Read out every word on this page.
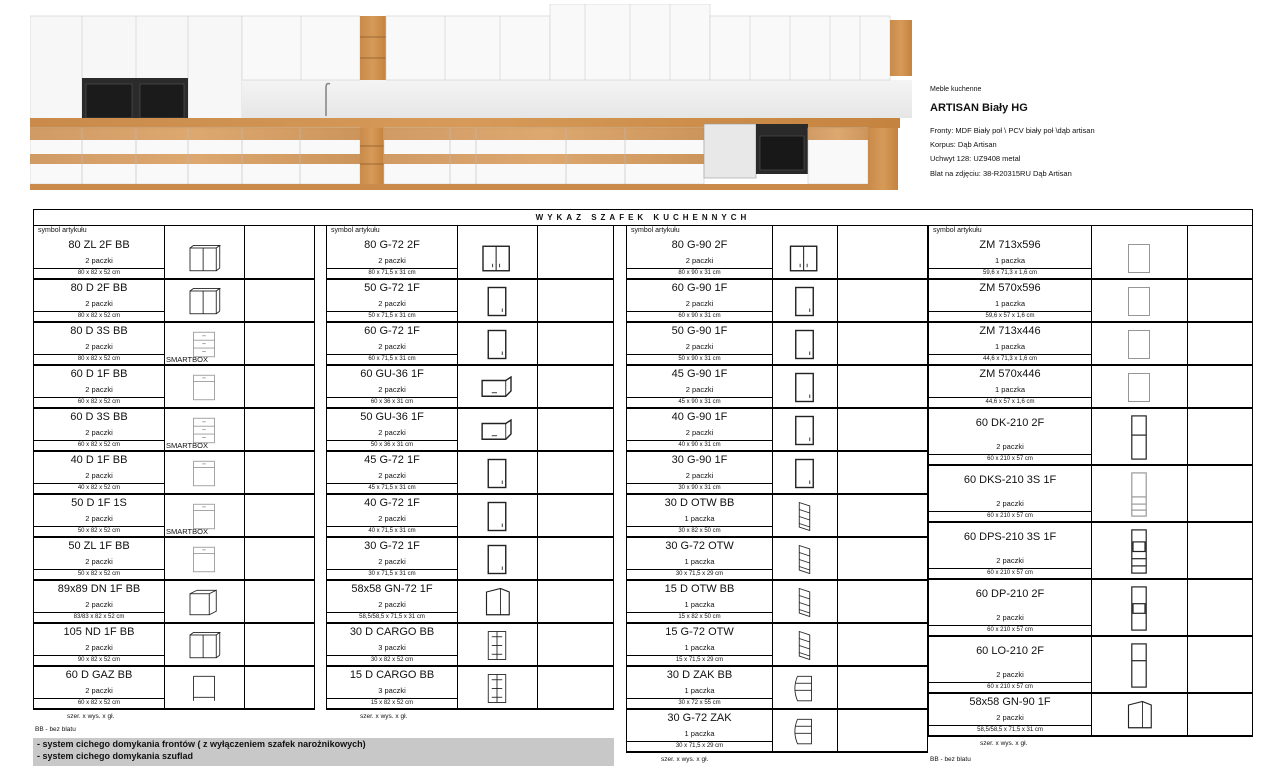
Meble kuchenne
ARTISAN Biały HG
Fronty: MDF Biały poł \ PCV biały poł \dąb artisan
Korpus: Dąb Artisan
Uchwyt 128: UZ9408 metal
Blat na zdjęciu: 38-R20315RU Dąb Artisan
WYKAZ SZAFEK KUCHENNYCH
symbol artykułu
80 ZL 2F BB
2 paczki
80 x 82 x 52 cm
80 D 2F BB
2 paczki
80 x 82 x 52 cm
80 D 3S BB
2 paczki
80 x 82 x 52 cm	SMARTBOX
60 D 1F BB
2 paczki
60 x 82 x 52 cm
60 D 3S BB
2 paczki
60 x 82 x 52 cm	SMARTBOX
40 D 1F BB
2 paczki
40 x 82 x 52 cm
50 D 1F 1S
2 paczki
50 x 82 x 52 cm	SMARTBOX
50 ZL 1F BB
2 paczki
50 x 82 x 52 cm
89x89 DN 1F BB
2 paczki
83/83 x 82 x 52 cm
105 ND 1F BB
2 paczki
90 x 82 x 52 cm
60 D GAZ BB
2 paczki
60 x 82 x 52 cm
szer. x wys. x gł.
symbol artykułu
80 G-72 2F
2 paczki
80 x 71,5 x 31 cm
50 G-72 1F
2 paczki
50 x 71,5 x 31 cm
60 G-72 1F
2 paczki
60 x 71,5 x 31 cm
60 GU-36 1F
2 paczki
60 x 36 x 31 cm
50 GU-36 1F
2 paczki
50 x 36 x 31 cm
45 G-72 1F
2 paczki
45 x 71,5 x 31 cm
40 G-72 1F
2 paczki
40 x 71,5 x 31 cm
30 G-72 1F
2 paczki
30 x 71,5 x 31 cm
58x58 GN-72 1F
2 paczki
58,5/58,5 x 71,5 x 31 cm
30 D CARGO BB
3 paczki
30 x 82 x 52 cm
15 D CARGO BB
3 paczki
15 x 82 x 52 cm
szer. x wys. x gł.
symbol artykułu
80 G-90 2F
2 paczki
80 x 90 x 31 cm
60 G-90 1F
2 paczki
60 x 90 x 31 cm
50 G-90 1F
2 paczki
50 x 90 x 31 cm
45 G-90 1F
2 paczki
45 x 90 x 31 cm
40 G-90 1F
2 paczki
40 x 90 x 31 cm
30 G-90 1F
2 paczki
30 x 90 x 31 cm
30 D OTW BB
1 paczka
30 x 82 x 50 cm
30 G-72 OTW
1 paczka
30 x 71,5 x 29 cm
15 D OTW BB
1 paczka
15 x 82 x 50 cm
15 G-72 OTW
1 paczka
15 x 71,5 x 29 cm
30 D ZAK BB
1 paczka
30 x 72 x 55 cm
30 G-72 ZAK
1 paczka
30 x 71,5 x 29 cm
szer. x wys. x gł.
symbol artykułu
ZM 713x596
1 paczka
59,6 x 71,3 x 1,6 cm
ZM 570x596
1 paczka
59,6 x 57 x 1,6 cm
ZM 713x446
1 paczka
44,6 x 71,3 x 1,6 cm
ZM 570x446
1 paczka
44,6 x 57 x 1,6 cm
60 DK-210 2F
2 paczki
60 x 210 x 57 cm
60 DKS-210 3S 1F
2 paczki
60 x 210 x 57 cm
60 DPS-210 3S 1F
2 paczki
60 x 210 x 57 cm
60 DP-210 2F
2 paczki
60 x 210 x 57 cm
60 LO-210 2F
2 paczki
60 x 210 x 57 cm
58x58 GN-90 1F
2 paczki
58,5/58,5 x 71,5 x 31 cm
szer. x wys. x gł.
BB - bez blatu
BB - bez blatu
- system cichego domykania frontów ( z wyłączeniem szafek narożnikowych)
- system cichego domykania szuflad
